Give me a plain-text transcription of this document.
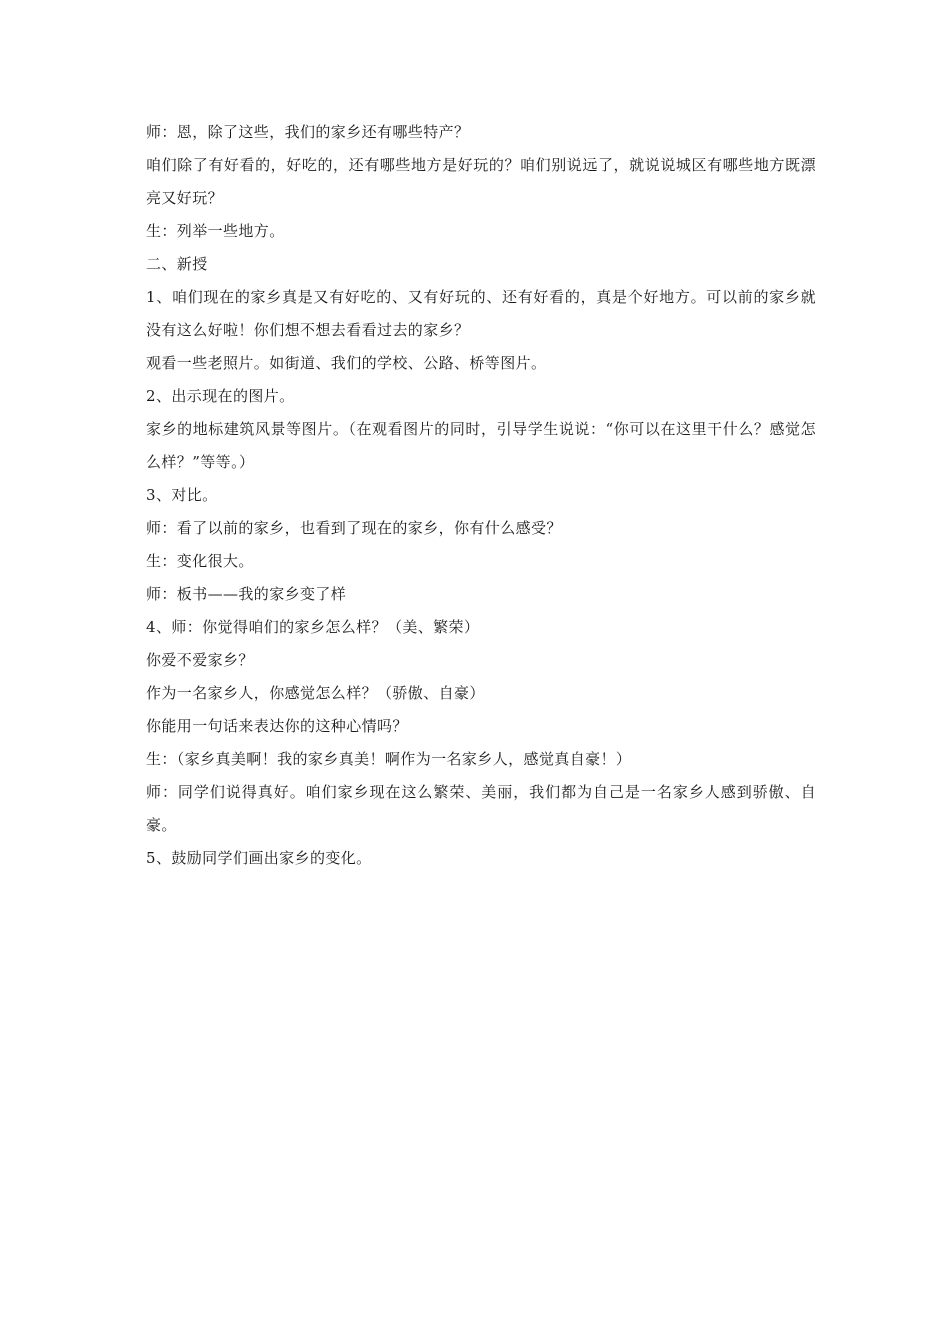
师：恩，除了这些，我们的家乡还有哪些特产？

咱们除了有好看的，好吃的，还有哪些地方是好玩的？咱们别说远了，就说说城区有哪些地方既漂亮又好玩？

生：列举一些地方。

二、新授

1、咱们现在的家乡真是又有好吃的、又有好玩的、还有好看的，真是个好地方。可以前的家乡就没有这么好啦！你们想不想去看看过去的家乡？

观看一些老照片。如街道、我们的学校、公路、桥等图片。

2、出示现在的图片。

家乡的地标建筑风景等图片。（在观看图片的同时，引导学生说说：“你可以在这里干什么？感觉怎么样？”等等。）

3、对比。

师：看了以前的家乡，也看到了现在的家乡，你有什么感受？

生：变化很大。

师：板书——我的家乡变了样

4、师：你觉得咱们的家乡怎么样？（美、繁荣）

你爱不爱家乡？

作为一名家乡人，你感觉怎么样？（骄傲、自豪）

你能用一句话来表达你的这种心情吗？

生：（家乡真美啊！我的家乡真美！啊作为一名家乡人，感觉真自豪！）

师：同学们说得真好。咱们家乡现在这么繁荣、美丽，我们都为自己是一名家乡人感到骄傲、自豪。

5、鼓励同学们画出家乡的变化。
